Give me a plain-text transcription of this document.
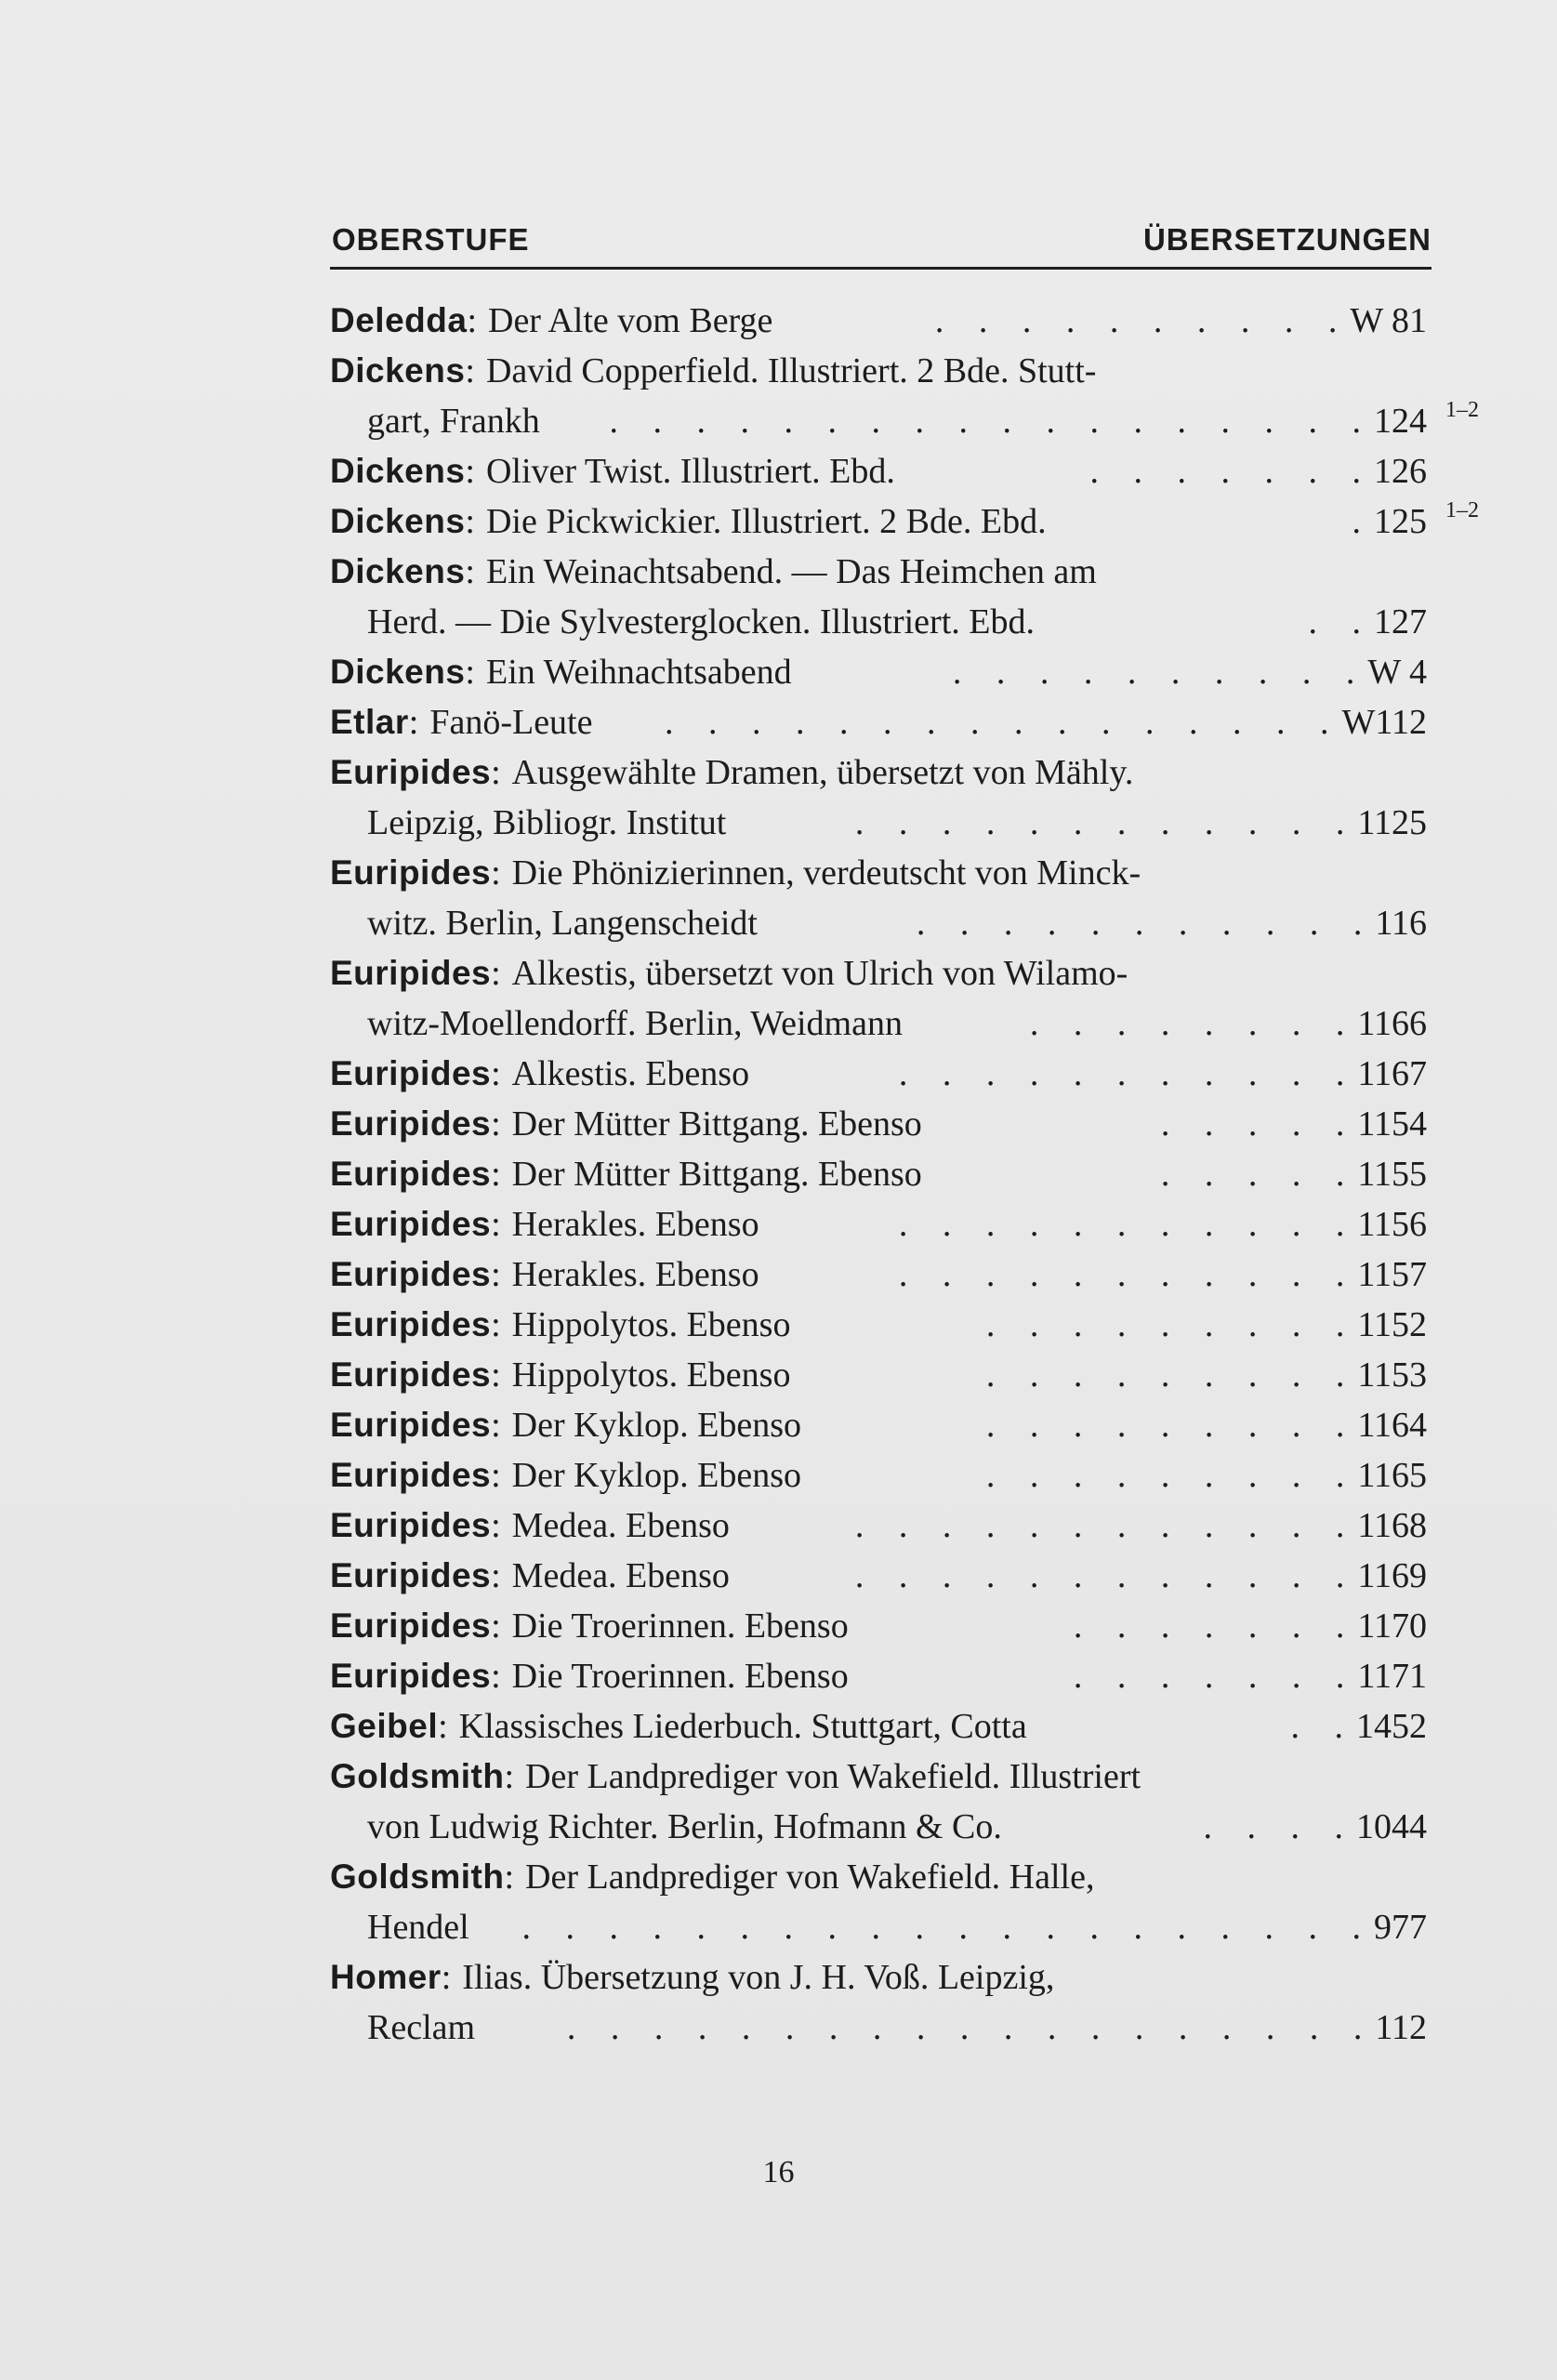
OBERSTUFE	ÜBERSETZUNGEN
Deledda: Der Alte vom Berge	. . . . . . . . . .W 81
Dickens: David Copperfield. Illustriert. 2 Bde. Stutt-
gart, Frankh . . . . . . . . . . . . . . . . . .124 1–2
Dickens: Oliver Twist. Illustriert. Ebd.	. . . . . . .126
Dickens: Die Pickwickier. Illustriert. 2 Bde. Ebd.	.125 1–2
Dickens: Ein Weinachtsabend. — Das Heimchen am
Herd. — Die Sylvesterglocken. Illustriert. Ebd.	. .127
Dickens: Ein Weihnachtsabend	. . . . . . . . . .W 4
Etlar: Fanö-Leute . . . . . . . . . . . . . . . .W112
Euripides: Ausgewählte Dramen, übersetzt von Mähly.
Leipzig, Bibliogr. Institut	. . . . . . . . . . . .1125
Euripides: Die Phönizierinnen, verdeutscht von Minck-
witz. Berlin, Langenscheidt	. . . . . . . . . . .116
Euripides: Alkestis, übersetzt von Ulrich von Wilamo-
witz-Moellendorff. Berlin, Weidmann	. . . . . . . .1166
Euripides: Alkestis. Ebenso	. . . . . . . . . . .1167
Euripides: Der Mütter Bittgang. Ebenso	. . . . .1154
Euripides: Der Mütter Bittgang. Ebenso	. . . . .1155
Euripides: Herakles. Ebenso	. . . . . . . . . . .1156
Euripides: Herakles. Ebenso	. . . . . . . . . . .1157
Euripides: Hippolytos. Ebenso	. . . . . . . . .1152
Euripides: Hippolytos. Ebenso	. . . . . . . . .1153
Euripides: Der Kyklop. Ebenso	. . . . . . . . .1164
Euripides: Der Kyklop. Ebenso	. . . . . . . . .1165
Euripides: Medea. Ebenso	. . . . . . . . . . . .1168
Euripides: Medea. Ebenso	. . . . . . . . . . . .1169
Euripides: Die Troerinnen. Ebenso	. . . . . . .1170
Euripides: Die Troerinnen. Ebenso	. . . . . . .1171
Geibel: Klassisches Liederbuch. Stuttgart, Cotta	. .1452
Goldsmith: Der Landprediger von Wakefield. Illustriert
von Ludwig Richter. Berlin, Hofmann & Co.	. . . .1044
Goldsmith: Der Landprediger von Wakefield. Halle,
Hendel . . . . . . . . . . . . . . . . . . . .977
Homer: Ilias. Übersetzung von J. H. Voß. Leipzig,
Reclam	. . . . . . . . . . . . . . . . . . .112
16
